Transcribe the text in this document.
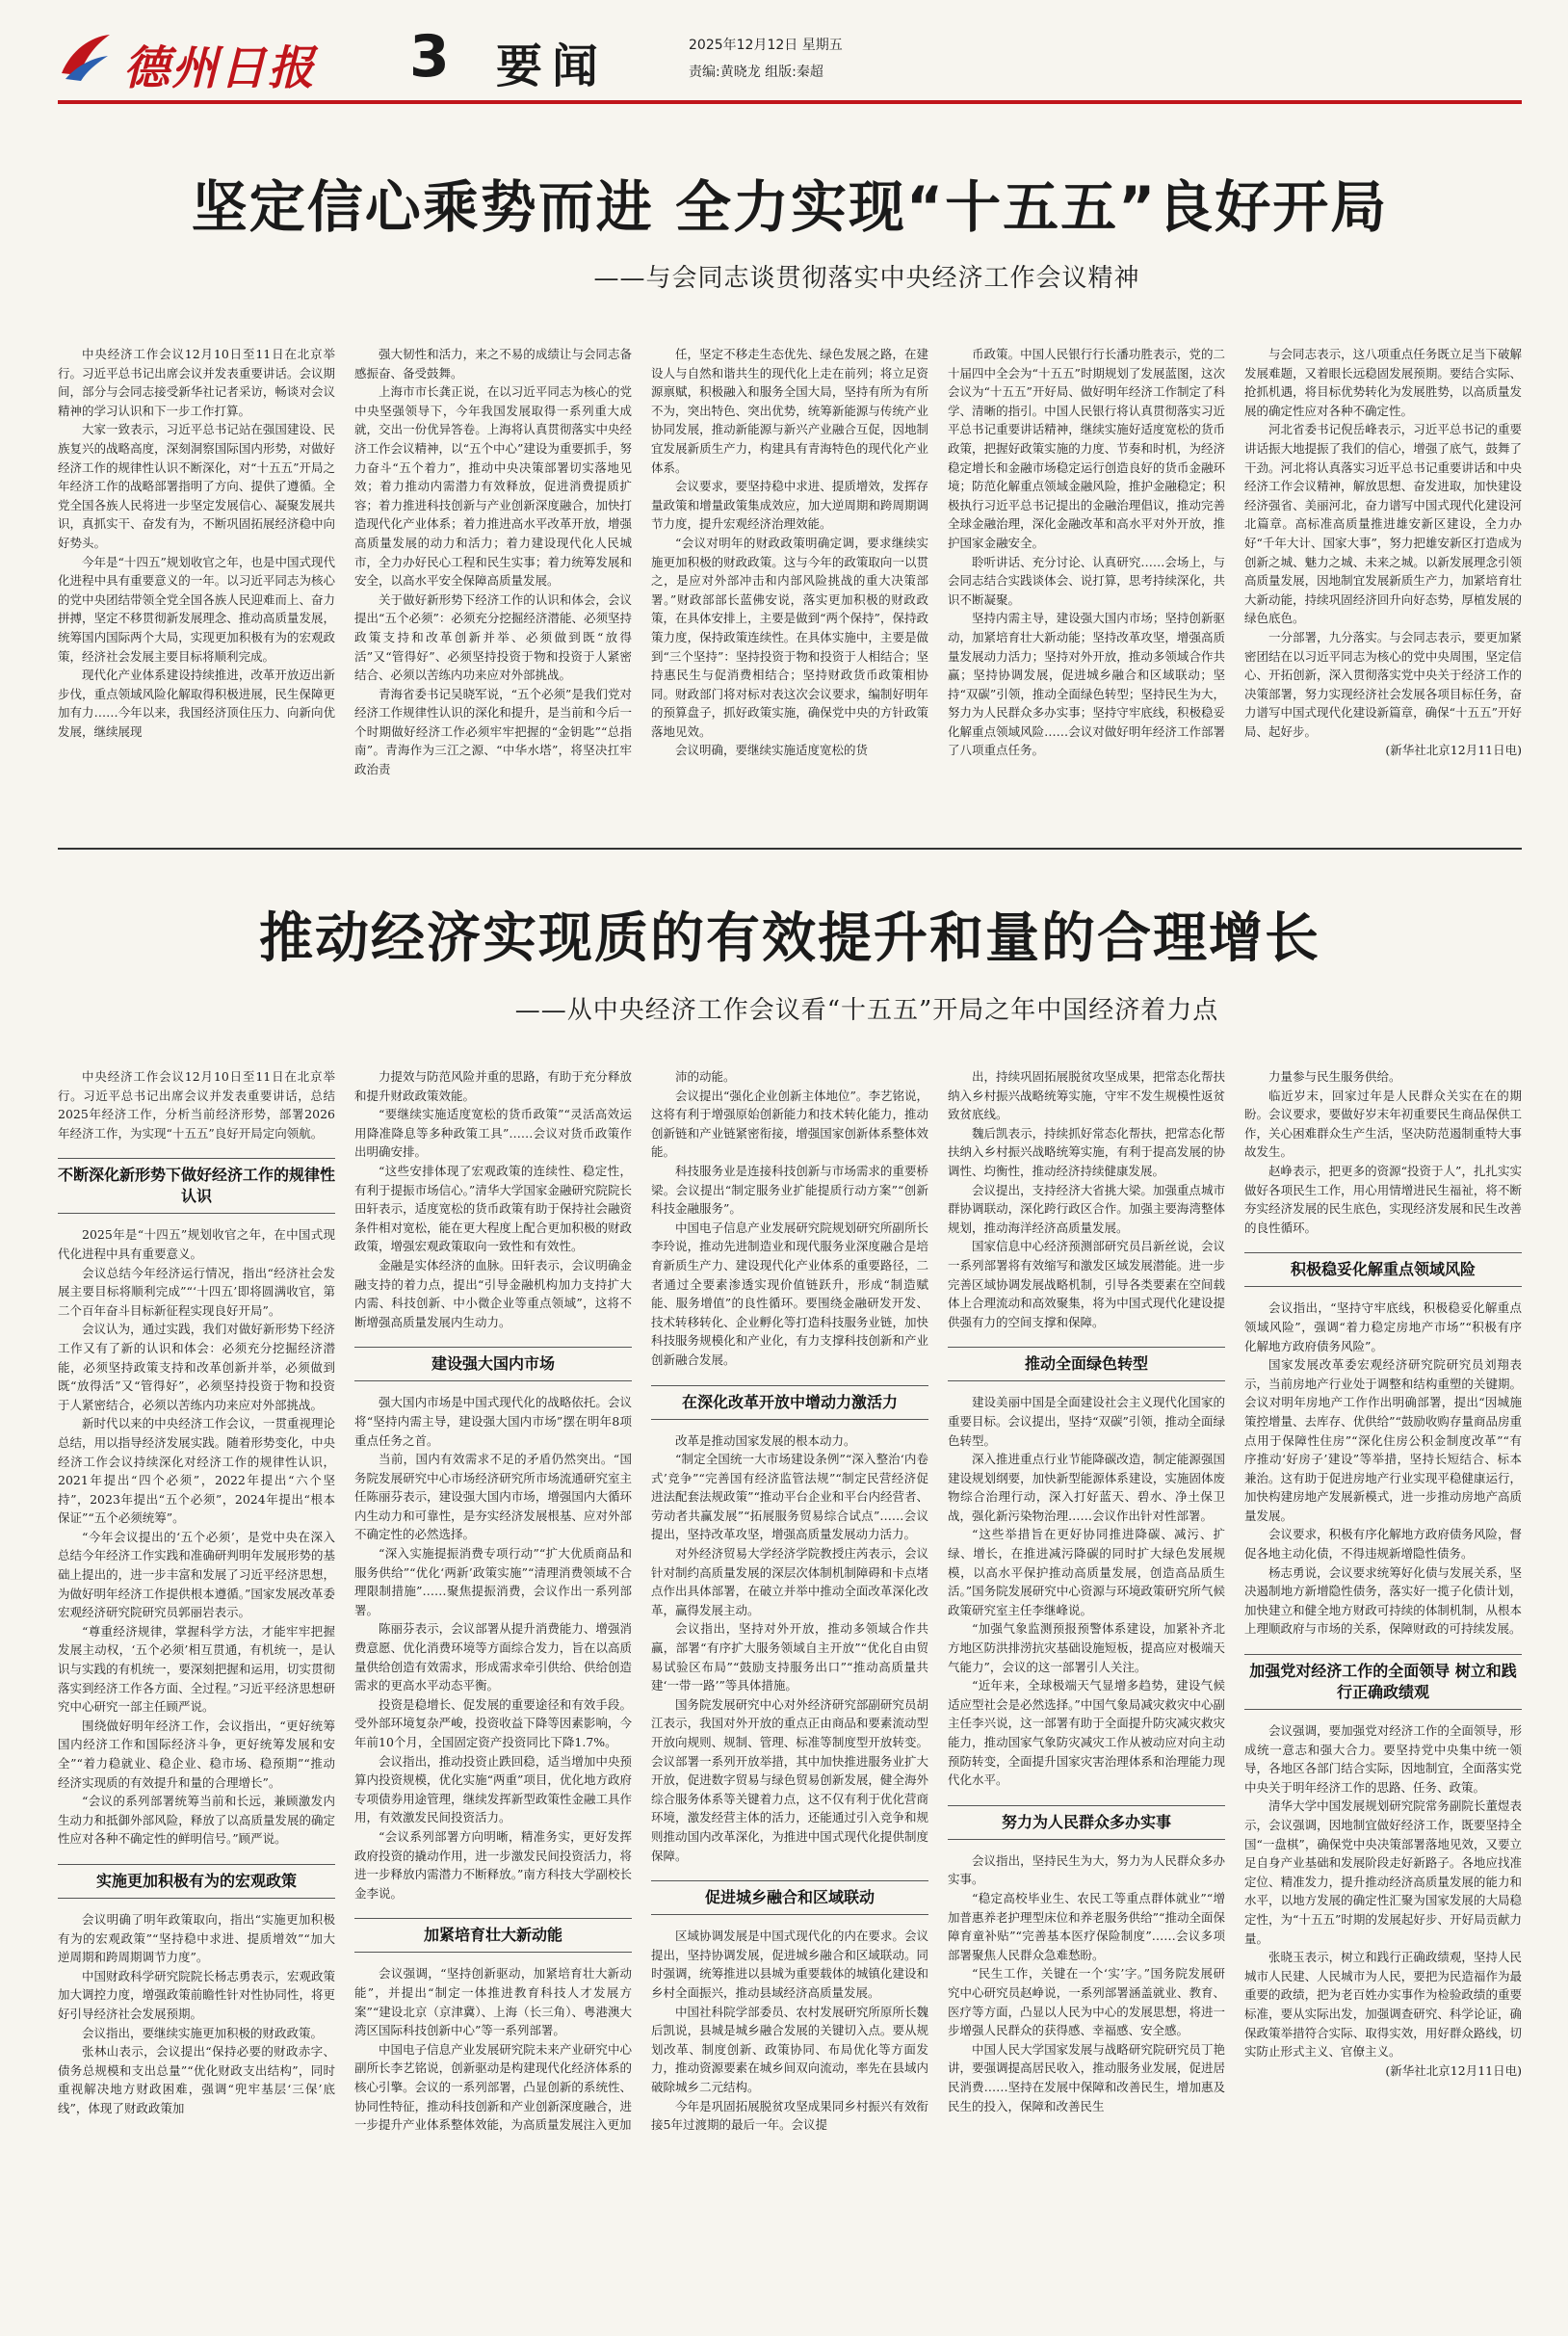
德州日报 3 要闻	2025年12月12日 星期五
责编:黄晓龙 组版:秦超
坚定信心乘势而进 全力实现“十五五”良好开局
——与会同志谈贯彻落实中央经济工作会议精神

中央经济工作会议12月10日至11日在北京举行。习近平总书记出席会议并发表重要讲话。会议期间，部分与会同志接受新华社记者采访，畅谈对会议精神的学习认识和下一步工作打算。

大家一致表示，习近平总书记站在强国建设、民族复兴的战略高度，深刻洞察国际国内形势，对做好经济工作的规律性认识不断深化，对“十五五”开局之年经济工作的战略部署指明了方向、提供了遵循。全党全国各族人民将进一步坚定发展信心、凝聚发展共识，真抓实干、奋发有为，不断巩固拓展经济稳中向好势头。

今年是“十四五”规划收官之年，也是中国式现代化进程中具有重要意义的一年。以习近平同志为核心的党中央团结带领全党全国各族人民迎难而上、奋力拼搏，坚定不移贯彻新发展理念、推动高质量发展，统筹国内国际两个大局，实现更加积极有为的宏观政策，经济社会发展主要目标将顺利完成。

现代化产业体系建设持续推进，改革开放迈出新步伐，重点领域风险化解取得积极进展，民生保障更加有力……今年以来，我国经济顶住压力、向新向优发展，继续展现

强大韧性和活力，来之不易的成绩让与会同志备感振奋、备受鼓舞。

上海市市长龚正说，在以习近平同志为核心的党中央坚强领导下，今年我国发展取得一系列重大成就，交出一份优异答卷。上海将认真贯彻落实中央经济工作会议精神，以“五个中心”建设为重要抓手，努力奋斗“五个着力”，推动中央决策部署切实落地见效；着力推动内需潜力有效释放，促进消费提质扩容；着力推进科技创新与产业创新深度融合，加快打造现代化产业体系；着力推进高水平改革开放，增强高质量发展的动力和活力；着力建设现代化人民城市，全力办好民心工程和民生实事；着力统筹发展和安全，以高水平安全保障高质量发展。

关于做好新形势下经济工作的认识和体会，会议提出“五个必须”：必须充分挖掘经济潜能、必须坚持政策支持和改革创新并举、必须做到既“放得活”又“管得好”、必须坚持投资于物和投资于人紧密结合、必须以苦练内功来应对外部挑战。

青海省委书记吴晓军说，“五个必须”是我们党对经济工作规律性认识的深化和提升，是当前和今后一个时期做好经济工作必须牢牢把握的“金钥匙”“总指南”。青海作为三江之源、“中华水塔”，将坚决扛牢政治责

任，坚定不移走生态优先、绿色发展之路，在建设人与自然和谐共生的现代化上走在前列；将立足资源禀赋，积极融入和服务全国大局，坚持有所为有所不为，突出特色、突出优势，统筹新能源与传统产业协同发展，推动新能源与新兴产业融合互促，因地制宜发展新质生产力，构建具有青海特色的现代化产业体系。

会议要求，要坚持稳中求进、提质增效，发挥存量政策和增量政策集成效应，加大逆周期和跨周期调节力度，提升宏观经济治理效能。

“会议对明年的财政政策明确定调，要求继续实施更加积极的财政政策。这与今年的政策取向一以贯之，是应对外部冲击和内部风险挑战的重大决策部署。”财政部部长蓝佛安说，落实更加积极的财政政策，在具体安排上，主要是做到“两个保持”，保持政策力度，保持政策连续性。在具体实施中，主要是做到“三个坚持”：坚持投资于物和投资于人相结合；坚持惠民生与促消费相结合；坚持财政货币政策相协同。财政部门将对标对表这次会议要求，编制好明年的预算盘子，抓好政策实施，确保党中央的方针政策落地见效。

会议明确，要继续实施适度宽松的货

币政策。中国人民银行行长潘功胜表示，党的二十届四中全会为“十五五”时期规划了发展蓝图，这次会议为“十五五”开好局、做好明年经济工作制定了科学、清晰的指引。中国人民银行将认真贯彻落实习近平总书记重要讲话精神，继续实施好适度宽松的货币政策，把握好政策实施的力度、节奏和时机，为经济稳定增长和金融市场稳定运行创造良好的货币金融环境；防范化解重点领域金融风险，推护金融稳定；积极执行习近平总书记提出的金融治理倡议，推动完善全球金融治理，深化金融改革和高水平对外开放，推护国家金融安全。

聆听讲话、充分讨论、认真研究……会场上，与会同志结合实践谈体会、说打算，思考持续深化，共识不断凝聚。

坚持内需主导，建设强大国内市场；坚持创新驱动，加紧培育壮大新动能；坚持改革攻坚，增强高质量发展动力活力；坚持对外开放，推动多领域合作共赢；坚持协调发展，促进城乡融合和区域联动；坚持“双碳”引领，推动全面绿色转型；坚持民生为大，努力为人民群众多办实事；坚持守牢底线，积极稳妥化解重点领域风险……会议对做好明年经济工作部署了八项重点任务。

与会同志表示，这八项重点任务既立足当下破解发展难题，又着眼长远稳固发展预期。要结合实际、抢抓机遇，将目标优势转化为发展胜势，以高质量发展的确定性应对各种不确定性。

河北省委书记倪岳峰表示，习近平总书记的重要讲话振大地提振了我们的信心，增强了底气，鼓舞了干劲。河北将认真落实习近平总书记重要讲话和中央经济工作会议精神，解放思想、奋发进取，加快建设经济强省、美丽河北，奋力谱写中国式现代化建设河北篇章。高标准高质量推进雄安新区建设，全力办好“千年大计、国家大事”，努力把雄安新区打造成为创新之城、魅力之城、未来之城。以新发展理念引领高质量发展，因地制宜发展新质生产力，加紧培育壮大新动能，持续巩固经济回升向好态势，厚植发展的绿色底色。

一分部署，九分落实。与会同志表示，要更加紧密团结在以习近平同志为核心的党中央周围，坚定信心、开拓创新，深入贯彻落实党中央关于经济工作的决策部署，努力实现经济社会发展各项目标任务，奋力谱写中国式现代化建设新篇章，确保“十五五”开好局、起好步。

(新华社北京12月11日电)
推动经济实现质的有效提升和量的合理增长
——从中央经济工作会议看“十五五”开局之年中国经济着力点

中央经济工作会议12月10日至11日在北京举行。习近平总书记出席会议并发表重要讲话，总结2025年经济工作，分析当前经济形势，部署2026年经济工作，为实现“十五五”良好开局定向领航。

不断深化新形势下做好经济工作的规律性认识

2025年是“十四五”规划收官之年，在中国式现代化进程中具有重要意义。

会议总结今年经济运行情况，指出“经济社会发展主要目标将顺利完成”“‘十四五’即将圆满收官，第二个百年奋斗目标新征程实现良好开局”。

会议认为，通过实践，我们对做好新形势下经济工作又有了新的认识和体会：必须充分挖掘经济潜能，必须坚持政策支持和改革创新并举，必须做到既“放得活”又“管得好”，必须坚持投资于物和投资于人紧密结合，必须以苦练内功来应对外部挑战。

新时代以来的中央经济工作会议，一贯重视理论总结，用以指导经济发展实践。随着形势变化，中央经济工作会议持续深化对经济工作的规律性认识，2021年提出“四个必须”，2022年提出“六个坚持”，2023年提出“五个必须”，2024年提出“根本保证”“五个必须统筹”。

“今年会议提出的‘五个必须’，是党中央在深入总结今年经济工作实践和准确研判明年发展形势的基础上提出的，进一步丰富和发展了习近平经济思想，为做好明年经济工作提供根本遵循。”国家发展改革委宏观经济研究院研究员郭丽岩表示。

“尊重经济规律，掌握科学方法，才能牢牢把握发展主动权，‘五个必须’相互贯通，有机统一，是认识与实践的有机统一，要深刻把握和运用，切实贯彻落实到经济工作各方面、全过程。”习近平经济思想研究中心研究一部主任顾严说。

围绕做好明年经济工作，会议指出，“更好统筹国内经济工作和国际经济斗争，更好统筹发展和安全”“着力稳就业、稳企业、稳市场、稳预期”“推动经济实现质的有效提升和量的合理增长”。

“会议的系列部署统筹当前和长远，兼顾激发内生动力和抵御外部风险，释放了以高质量发展的确定性应对各种不确定性的鲜明信号。”顾严说。

实施更加积极有为的宏观政策

会议明确了明年政策取向，指出“实施更加积极有为的宏观政策”“坚持稳中求进、提质增效”“加大逆周期和跨周期调节力度”。

中国财政科学研究院院长杨志勇表示，宏观政策加大调控力度，增强政策前瞻性针对性协同性，将更好引导经济社会发展预期。

会议指出，要继续实施更加积极的财政政策。

张林山表示，会议提出“保持必要的财政赤字、债务总规模和支出总量”“优化财政支出结构”，同时重视解决地方财政困难，强调“兜牢基层‘三保’底线”，体现了财政政策加

力提效与防范风险并重的思路，有助于充分释放和提升财政政策效能。

“要继续实施适度宽松的货币政策”“灵活高效运用降准降息等多种政策工具”……会议对货币政策作出明确安排。

“这些安排体现了宏观政策的连续性、稳定性，有利于提振市场信心。”清华大学国家金融研究院院长田轩表示，适度宽松的货币政策有助于保持社会融资条件相对宽松，能在更大程度上配合更加积极的财政政策，增强宏观政策取向一致性和有效性。

金融是实体经济的血脉。田轩表示，会议明确金融支持的着力点，提出“引导金融机构加力支持扩大内需、科技创新、中小微企业等重点领域”，这将不断增强高质量发展内生动力。

建设强大国内市场

强大国内市场是中国式现代化的战略依托。会议将“坚持内需主导，建设强大国内市场”摆在明年8项重点任务之首。

当前，国内有效需求不足的矛盾仍然突出。“国务院发展研究中心市场经济研究所市场流通研究室主任陈丽芬表示，建设强大国内市场，增强国内大循环内生动力和可靠性，是夯实经济发展根基、应对外部不确定性的必然选择。

“深入实施提振消费专项行动”“扩大优质商品和服务供给”“优化‘两新’政策实施”“清理消费领域不合理限制措施”……聚焦提振消费，会议作出一系列部署。

陈丽芬表示，会议部署从提升消费能力、增强消费意愿、优化消费环境等方面综合发力，旨在以高质量供给创造有效需求，形成需求牵引供给、供给创造需求的更高水平动态平衡。

投资是稳增长、促发展的重要途径和有效手段。受外部环境复杂严峻，投资收益下降等因素影响，今年前10个月，全国固定资产投资同比下降1.7%。

会议指出，推动投资止跌回稳，适当增加中央预算内投资规模，优化实施“两重”项目，优化地方政府专项债券用途管理，继续发挥新型政策性金融工具作用，有效激发民间投资活力。

“会议系列部署方向明晰，精准务实，更好发挥政府投资的撬动作用，进一步激发民间投资活力，将进一步释放内需潜力不断释放。”南方科技大学副校长金李说。

加紧培育壮大新动能

会议强调，“坚持创新驱动，加紧培育壮大新动能”，并提出“制定一体推进教育科技人才发展方案”“建设北京（京津冀）、上海（长三角）、粤港澳大湾区国际科技创新中心”等一系列部署。

中国电子信息产业发展研究院未来产业研究中心副所长李艺铭说，创新驱动是构建现代化经济体系的核心引擎。会议的一系列部署，凸显创新的系统性、协同性特征，推动科技创新和产业创新深度融合，进一步提升产业体系整体效能，为高质量发展注入更加

沛的动能。

会议提出“强化企业创新主体地位”。李艺铭说，这将有利于增强原始创新能力和技术转化能力，推动创新链和产业链紧密衔接，增强国家创新体系整体效能。

科技服务业是连接科技创新与市场需求的重要桥梁。会议提出“制定服务业扩能提质行动方案”“创新科技金融服务”。

中国电子信息产业发展研究院规划研究所副所长李玲说，推动先进制造业和现代服务业深度融合是培育新质生产力、建设现代化产业体系的重要路径，二者通过全要素渗透实现价值链跃升，形成“制造赋能、服务增值”的良性循环。要围绕金融研发开发、技术转移转化、企业孵化等打造科技服务业链，加快科技服务规模化和产业化，有力支撑科技创新和产业创新融合发展。

在深化改革开放中增动力激活力

改革是推动国家发展的根本动力。

“制定全国统一大市场建设条例”“深入整治‘内卷式’竞争”“完善国有经济监管法规”“制定民营经济促进法配套法规政策”“推动平台企业和平台内经营者、劳动者共赢发展”“拓展服务贸易综合试点”……会议提出，坚持改革攻坚，增强高质量发展动力活力。

对外经济贸易大学经济学院教授庄芮表示，会议针对制约高质量发展的深层次体制机制障碍和卡点堵点作出具体部署，在破立并举中推动全面改革深化改革，赢得发展主动。

会议指出，坚持对外开放，推动多领域合作共赢，部署“有序扩大服务领域自主开放”“优化自由贸易试验区布局”“鼓励支持服务出口”“推动高质量共建‘一带一路’”等具体措施。

国务院发展研究中心对外经济研究部副研究员胡江表示，我国对外开放的重点正由商品和要素流动型开放向规则、规制、管理、标准等制度型开放转变。会议部署一系列开放举措，其中加快推进服务业扩大开放，促进数字贸易与绿色贸易创新发展，健全海外综合服务体系等关键着力点，这不仅有利于优化营商环境，激发经营主体的活力，还能通过引入竞争和规则推动国内改革深化，为推进中国式现代化提供制度保障。

促进城乡融合和区域联动

区域协调发展是中国式现代化的内在要求。会议提出，坚持协调发展，促进城乡融合和区域联动。同时强调，统筹推进以县城为重要载体的城镇化建设和乡村全面振兴，推动县域经济高质量发展。

中国社科院学部委员、农村发展研究所原所长魏后凯说，县城是城乡融合发展的关键切入点。要从规划改革、制度创新、政策协同、布局优化等方面发力，推动资源要素在城乡间双向流动，率先在县域内破除城乡二元结构。

今年是巩固拓展脱贫攻坚成果同乡村振兴有效衔接5年过渡期的最后一年。会议提

出，持续巩固拓展脱贫攻坚成果，把常态化帮扶纳入乡村振兴战略统筹实施，守牢不发生规模性返贫致贫底线。

魏后凯表示，持续抓好常态化帮扶，把常态化帮扶纳入乡村振兴战略统筹实施，有利于提高发展的协调性、均衡性，推动经济持续健康发展。

会议提出，支持经济大省挑大梁。加强重点城市群协调联动，深化跨行政区合作。加强主要海湾整体规划，推动海洋经济高质量发展。

国家信息中心经济预测部研究员吕新丝说，会议一系列部署将有效缩写和激发区域发展潜能。进一步完善区域协调发展战略机制，引导各类要素在空间载体上合理流动和高效聚集，将为中国式现代化建设提供强有力的空间支撑和保障。

推动全面绿色转型

建设美丽中国是全面建设社会主义现代化国家的重要目标。会议提出，坚持“双碳”引领，推动全面绿色转型。

深入推进重点行业节能降碳改造，制定能源强国建设规划纲要，加快新型能源体系建设，实施固体废物综合治理行动，深入打好蓝天、碧水、净土保卫战，强化新污染物治理……会议作出针对性部署。

“这些举措旨在更好协同推进降碳、减污、扩绿、增长，在推进减污降碳的同时扩大绿色发展规模，以高水平保护推动高质量发展，创造高品质生活。”国务院发展研究中心资源与环境政策研究所气候政策研究室主任李继峰说。

“加强气象监测预报预警体系建设，加紧补齐北方地区防洪排涝抗灾基础设施短板，提高应对极端天气能力”，会议的这一部署引人关注。

“近年来，全球极端天气显增多趋势，建设气候适应型社会是必然选择。”中国气象局减灾救灾中心副主任李兴说，这一部署有助于全面提升防灾减灾救灾能力，推动国家气象防灾减灾工作从被动应对向主动预防转变，全面提升国家灾害治理体系和治理能力现代化水平。

努力为人民群众多办实事

会议指出，坚持民生为大，努力为人民群众多办实事。

“稳定高校毕业生、农民工等重点群体就业”“增加普惠养老护理型床位和养老服务供给”“推动全面保障育童补贴”“完善基本医疗保险制度”……会议多项部署聚焦人民群众急难愁盼。

“民生工作，关键在一个‘实’字。”国务院发展研究中心研究员赵峥说，一系列部署涵盖就业、教育、医疗等方面，凸显以人民为中心的发展思想，将进一步增强人民群众的获得感、幸福感、安全感。

中国人民大学国家发展与战略研究院研究员丁艳讲，要强调提高居民收入，推动服务业发展，促进居民消费……坚持在发展中保障和改善民生，增加惠及民生的投入，保障和改善民生

力量参与民生服务供给。

临近岁末，回家过年是人民群众关实在在的期盼。会议要求，要做好岁末年初重要民生商品保供工作，关心困难群众生产生活，坚决防范遏制重特大事故发生。

赵峥表示，把更多的资源“投资于人”，扎扎实实做好各项民生工作，用心用情增进民生福祉，将不断夯实经济发展的民生底色，实现经济发展和民生改善的良性循环。

积极稳妥化解重点领域风险

会议指出，“坚持守牢底线，积极稳妥化解重点领域风险”，强调“着力稳定房地产市场”“积极有序化解地方政府债务风险”。

国家发展改革委宏观经济研究院研究员刘翔表示，当前房地产行业处于调整和结构重塑的关键期。会议对明年房地产工作作出明确部署，提出“因城施策控增量、去库存、优供给”“鼓励收购存量商品房重点用于保障性住房”“深化住房公积金制度改革”“有序推动‘好房子’建设”等举措，坚持长短结合、标本兼治。这有助于促进房地产行业实现平稳健康运行，加快构建房地产发展新模式，进一步推动房地产高质量发展。

会议要求，积极有序化解地方政府债务风险，督促各地主动化债，不得违规新增隐性债务。

杨志勇说，会议要求统筹好化债与发展关系，坚决遏制地方新增隐性债务，落实好一揽子化债计划，加快建立和健全地方财政可持续的体制机制，从根本上理顺政府与市场的关系，保障财政的可持续发展。

加强党对经济工作的全面领导 树立和践行正确政绩观

会议强调，要加强党对经济工作的全面领导，形成统一意志和强大合力。要坚持党中央集中统一领导，各地区各部门结合实际，因地制宜，全面落实党中央关于明年经济工作的思路、任务、政策。

清华大学中国发展规划研究院常务副院长董煜表示，会议强调，因地制宜做好经济工作，既要坚持全国“一盘棋”，确保党中央决策部署落地见效，又要立足自身产业基础和发展阶段走好新路子。各地应找准定位、精准发力，提升推动经济高质量发展的能力和水平，以地方发展的确定性汇聚为国家发展的大局稳定性，为“十五五”时期的发展起好步、开好局贡献力量。

张晓玉表示，树立和践行正确政绩观，坚持人民城市人民建、人民城市为人民，要把为民造福作为最重要的政绩，把为老百姓办实事作为检验政绩的重要标准，要从实际出发，加强调查研究、科学论证，确保政策举措符合实际、取得实效，用好群众路线，切实防止形式主义、官僚主义。

(新华社北京12月11日电)
